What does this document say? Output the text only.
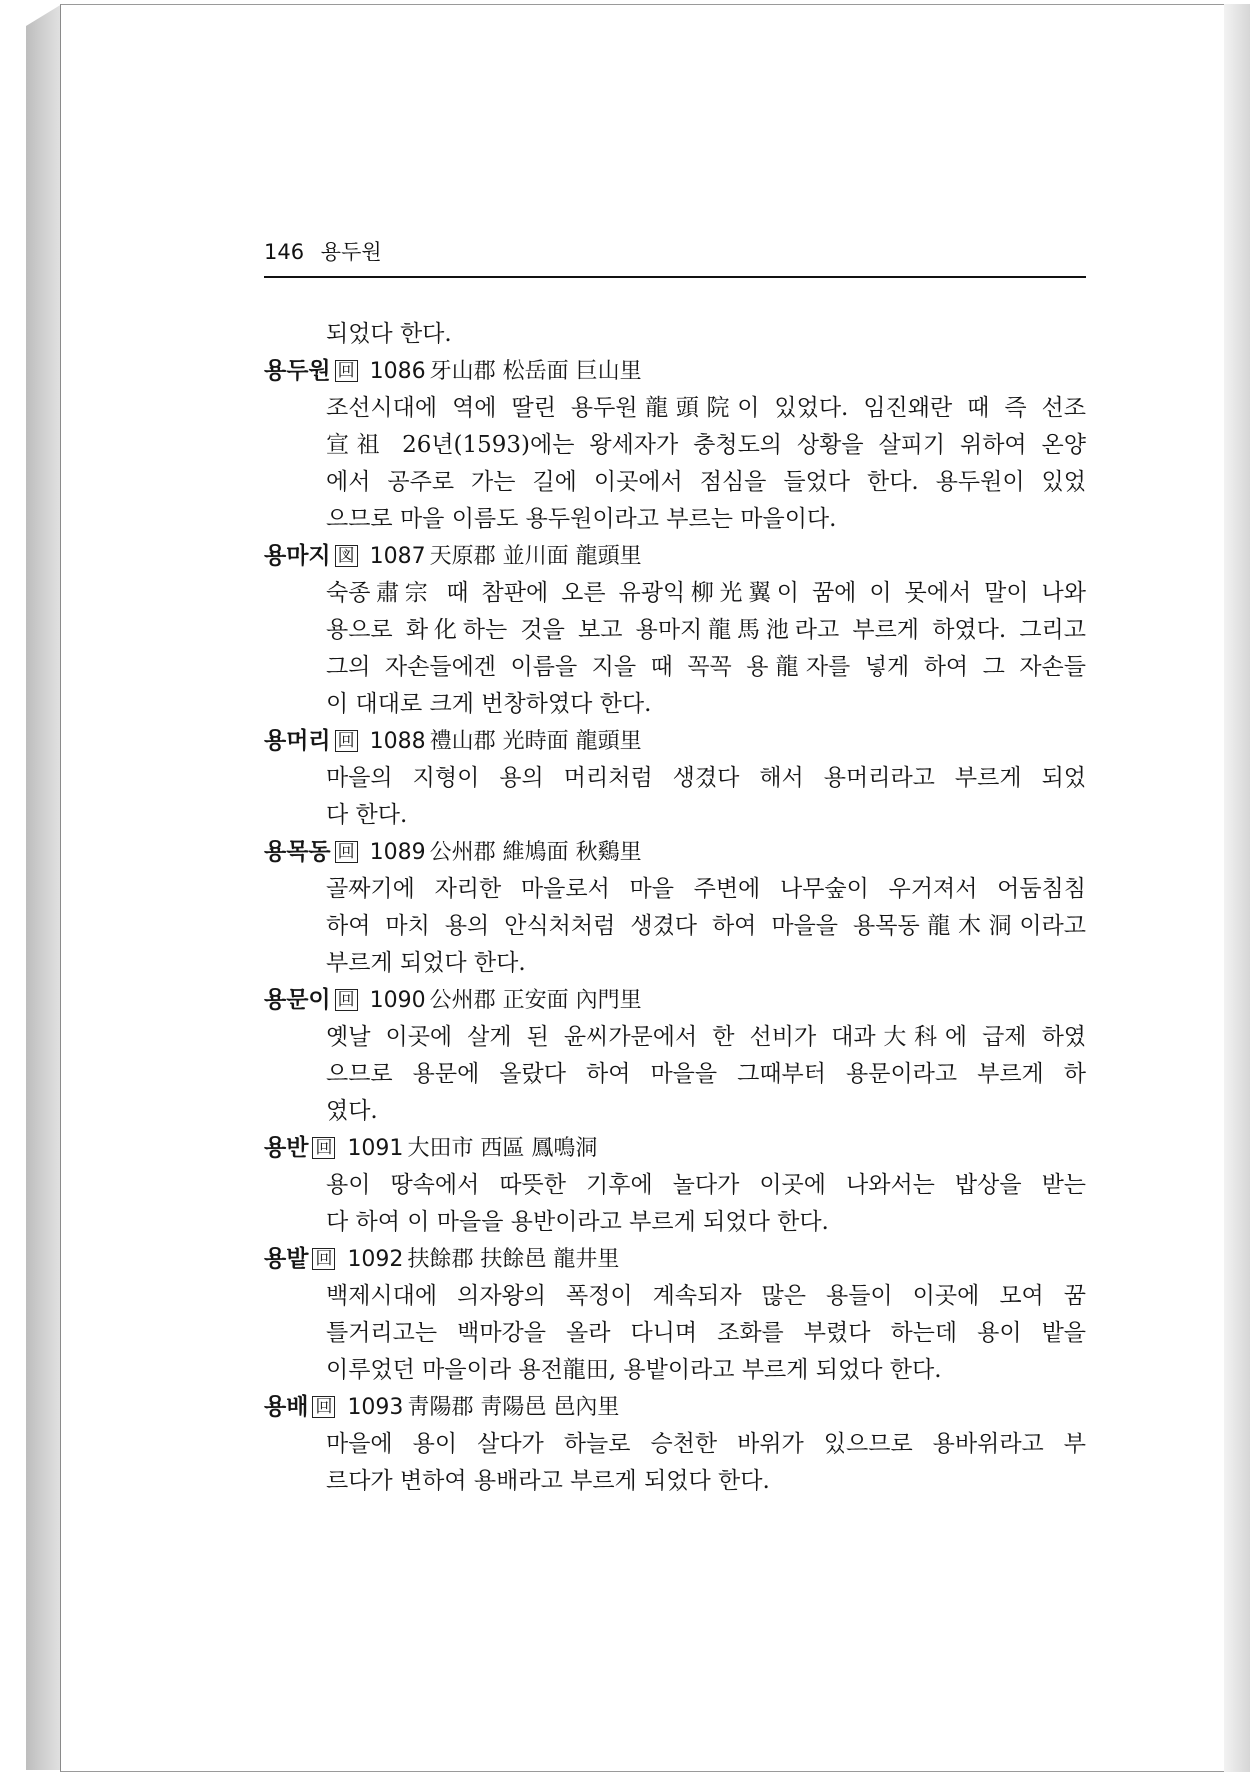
146 용두원
되었다 한다.
용두원 回 1086 牙山郡 松岳面 巨山里
조선시대에 역에 딸린 용두원龍頭院이 있었다. 임진왜란 때 즉 선조
宣祖 26년(1593)에는 왕세자가 충청도의 상황을 살피기 위하여 온양
에서 공주로 가는 길에 이곳에서 점심을 들었다 한다. 용두원이 있었
으므로 마을 이름도 용두원이라고 부르는 마을이다.
용마지 図 1087 天原郡 並川面 龍頭里
숙종肅宗 때 참판에 오른 유광익柳光翼이 꿈에 이 못에서 말이 나와
용으로 화化하는 것을 보고 용마지龍馬池라고 부르게 하였다. 그리고
그의 자손들에겐 이름을 지을 때 꼭꼭 용龍자를 넣게 하여 그 자손들
이 대대로 크게 번창하였다 한다.
용머리 回 1088 禮山郡 光時面 龍頭里
마을의 지형이 용의 머리처럼 생겼다 해서 용머리라고 부르게 되었
다 한다.
용목동 回 1089 公州郡 維鳩面 秋鷄里
골짜기에 자리한 마을로서 마을 주변에 나무숲이 우거져서 어둠침침
하여 마치 용의 안식처처럼 생겼다 하여 마을을 용목동龍木洞이라고
부르게 되었다 한다.
용문이 回 1090 公州郡 正安面 內門里
옛날 이곳에 살게 된 윤씨가문에서 한 선비가 대과大科에 급제 하였
으므로 용문에 올랐다 하여 마을을 그때부터 용문이라고 부르게 하
였다.
용반 回 1091 大田市 西區 鳳鳴洞
용이 땅속에서 따뜻한 기후에 놀다가 이곳에 나와서는 밥상을 받는
다 하여 이 마을을 용반이라고 부르게 되었다 한다.
용밭 回 1092 扶餘郡 扶餘邑 龍井里
백제시대에 의자왕의 폭정이 계속되자 많은 용들이 이곳에 모여 꿈
틀거리고는 백마강을 올라 다니며 조화를 부렸다 하는데 용이 밭을
이루었던 마을이라 용전龍田, 용밭이라고 부르게 되었다 한다.
용배 回 1093 靑陽郡 靑陽邑 邑內里
마을에 용이 살다가 하늘로 승천한 바위가 있으므로 용바위라고 부
르다가 변하여 용배라고 부르게 되었다 한다.
